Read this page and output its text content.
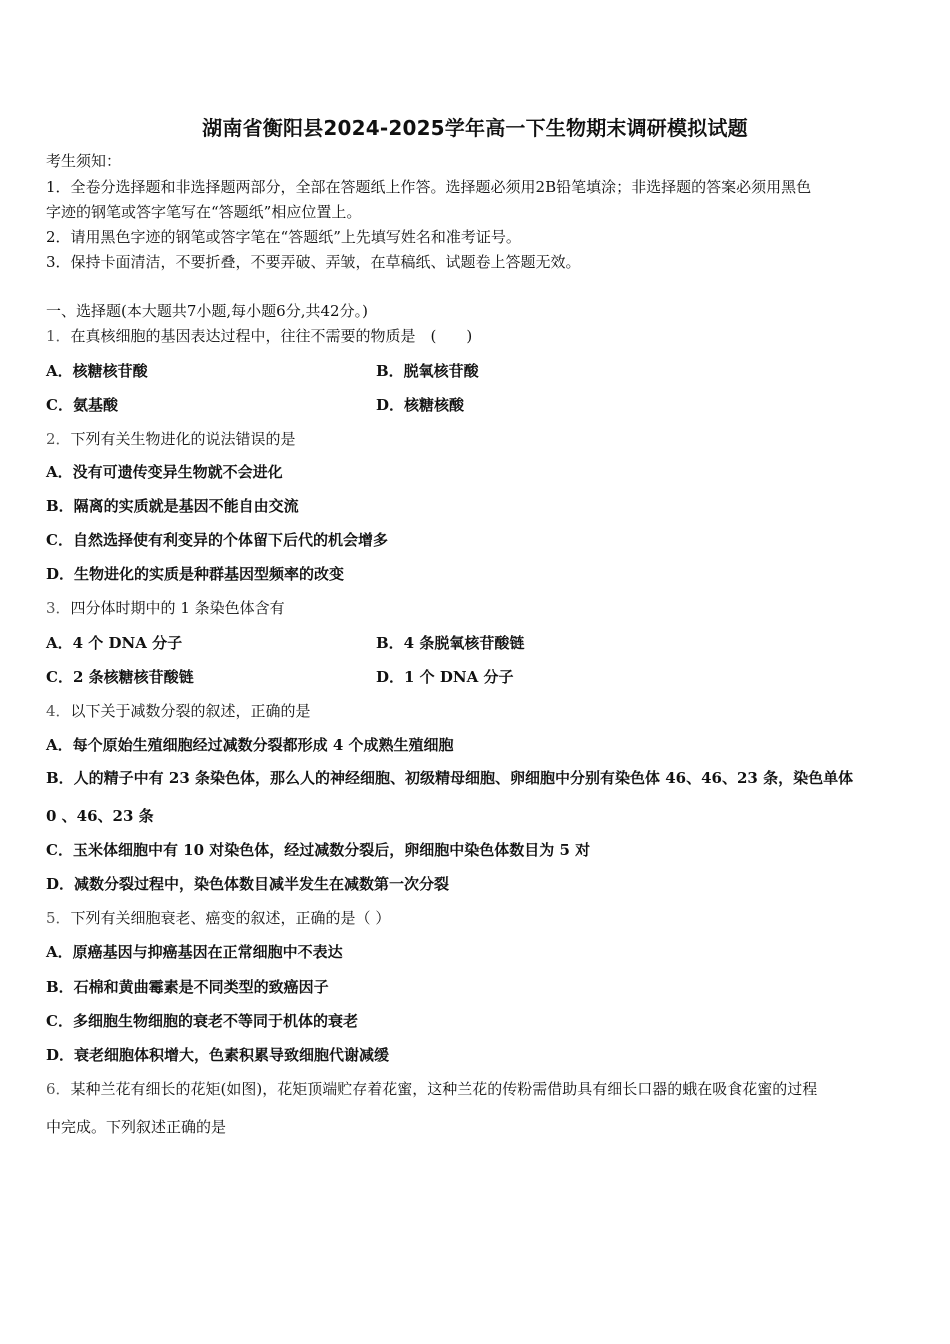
湖南省衡阳县2024-2025学年高一下生物期末调研模拟试题
考生须知：
1．全卷分选择题和非选择题两部分，全部在答题纸上作答。选择题必须用2B铅笔填涂；非选择题的答案必须用黑色
字迹的钢笔或答字笔写在“答题纸”相应位置上。
2．请用黑色字迹的钢笔或答字笔在“答题纸”上先填写姓名和准考证号。
3．保持卡面清洁，不要折叠，不要弄破、弄皱，在草稿纸、试题卷上答题无效。
一、选择题(本大题共7小题,每小题6分,共42分。)
1．在真核细胞的基因表达过程中，往往不需要的物质是　(　　)
A．核糖核苷酸	B．脱氧核苷酸
C．氨基酸	D．核糖核酸
2．下列有关生物进化的说法错误的是
A．没有可遗传变异生物就不会进化
B．隔离的实质就是基因不能自由交流
C．自然选择使有利变异的个体留下后代的机会增多
D．生物进化的实质是种群基因型频率的改变
3．四分体时期中的 1 条染色体含有
A．4 个 DNA 分子	B．4 条脱氧核苷酸链
C．2 条核糖核苷酸链	D．1 个 DNA 分子
4．以下关于减数分裂的叙述，正确的是
A．每个原始生殖细胞经过减数分裂都形成 4 个成熟生殖细胞
B．人的精子中有 23 条染色体，那么人的神经细胞、初级精母细胞、卵细胞中分别有染色体 46、46、23 条，染色单体
0 、46、23 条
C．玉米体细胞中有 10 对染色体，经过减数分裂后，卵细胞中染色体数目为 5 对
D．减数分裂过程中，染色体数目减半发生在减数第一次分裂
5．下列有关细胞衰老、癌变的叙述，正确的是（ ）
A．原癌基因与抑癌基因在正常细胞中不表达
B．石棉和黄曲霉素是不同类型的致癌因子
C．多细胞生物细胞的衰老不等同于机体的衰老
D．衰老细胞体积增大，色素积累导致细胞代谢减缓
6．某种兰花有细长的花矩(如图)，花矩顶端贮存着花蜜，这种兰花的传粉需借助具有细长口器的蛾在吸食花蜜的过程
中完成。下列叙述正确的是
